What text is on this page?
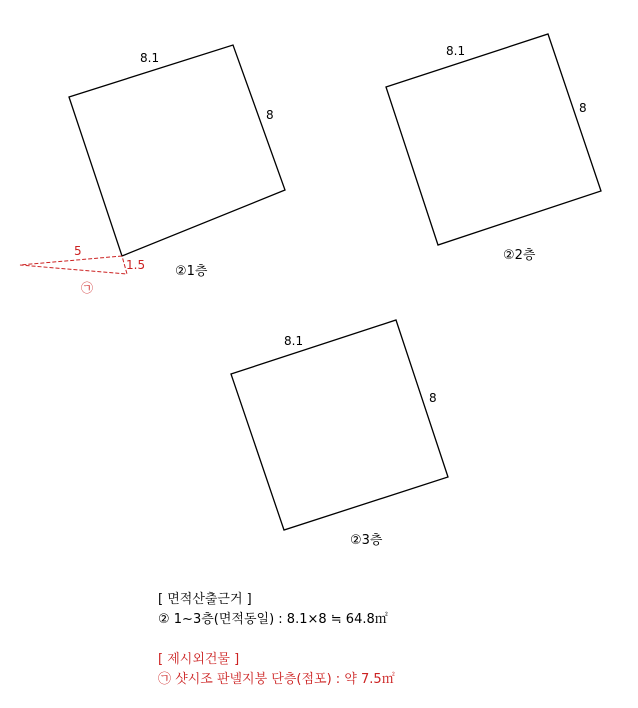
8.1
8
②1층
5
1.5
㉠
8.1
8
②2층
8.1
8
②3층
[ 면적산출근거 ]
② 1~3층(면적동일) : 8.1×8 ≒ 64.8㎡
[ 제시외건물 ]
㉠ 샷시조 판넬지붕 단층(점포) : 약 7.5㎡
